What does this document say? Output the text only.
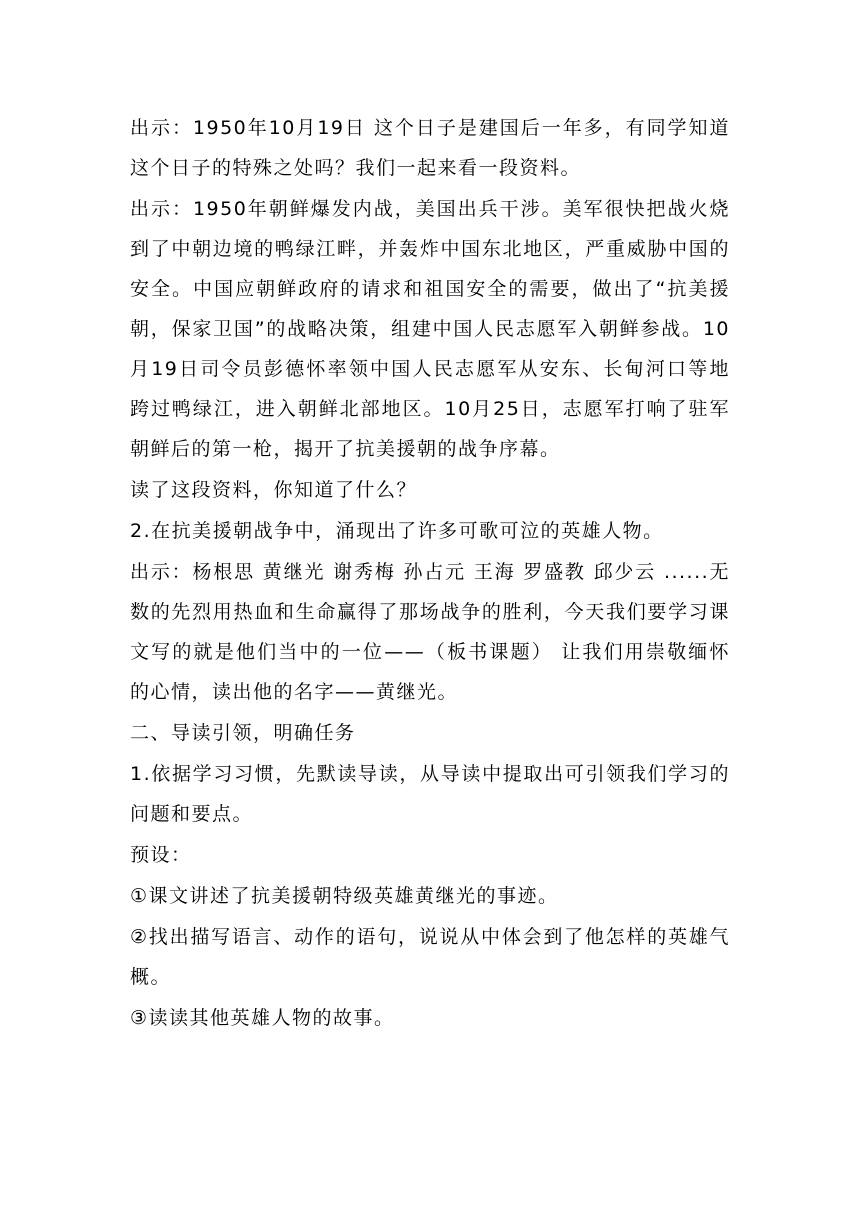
出示：1950年10月19日 这个日子是建国后一年多，有同学知道这个日子的特殊之处吗？我们一起来看一段资料。

出示：1950年朝鲜爆发内战，美国出兵干涉。美军很快把战火烧到了中朝边境的鸭绿江畔，并轰炸中国东北地区，严重威胁中国的安全。中国应朝鲜政府的请求和祖国安全的需要，做出了“抗美援朝，保家卫国”的战略决策，组建中国人民志愿军入朝鲜参战。10月19日司令员彭德怀率领中国人民志愿军从安东、长甸河口等地跨过鸭绿江，进入朝鲜北部地区。10月25日，志愿军打响了驻军朝鲜后的第一枪，揭开了抗美援朝的战争序幕。

读了这段资料，你知道了什么？

2.在抗美援朝战争中，涌现出了许多可歌可泣的英雄人物。

出示：杨根思 黄继光 谢秀梅 孙占元 王海 罗盛教 邱少云 ......无数的先烈用热血和生命赢得了那场战争的胜利，今天我们要学习课文写的就是他们当中的一位——（板书课题） 让我们用崇敬缅怀的心情，读出他的名字——黄继光。

二、导读引领，明确任务

1.依据学习习惯，先默读导读，从导读中提取出可引领我们学习的问题和要点。

预设：

①课文讲述了抗美援朝特级英雄黄继光的事迹。

②找出描写语言、动作的语句，说说从中体会到了他怎样的英雄气概。

③读读其他英雄人物的故事。
